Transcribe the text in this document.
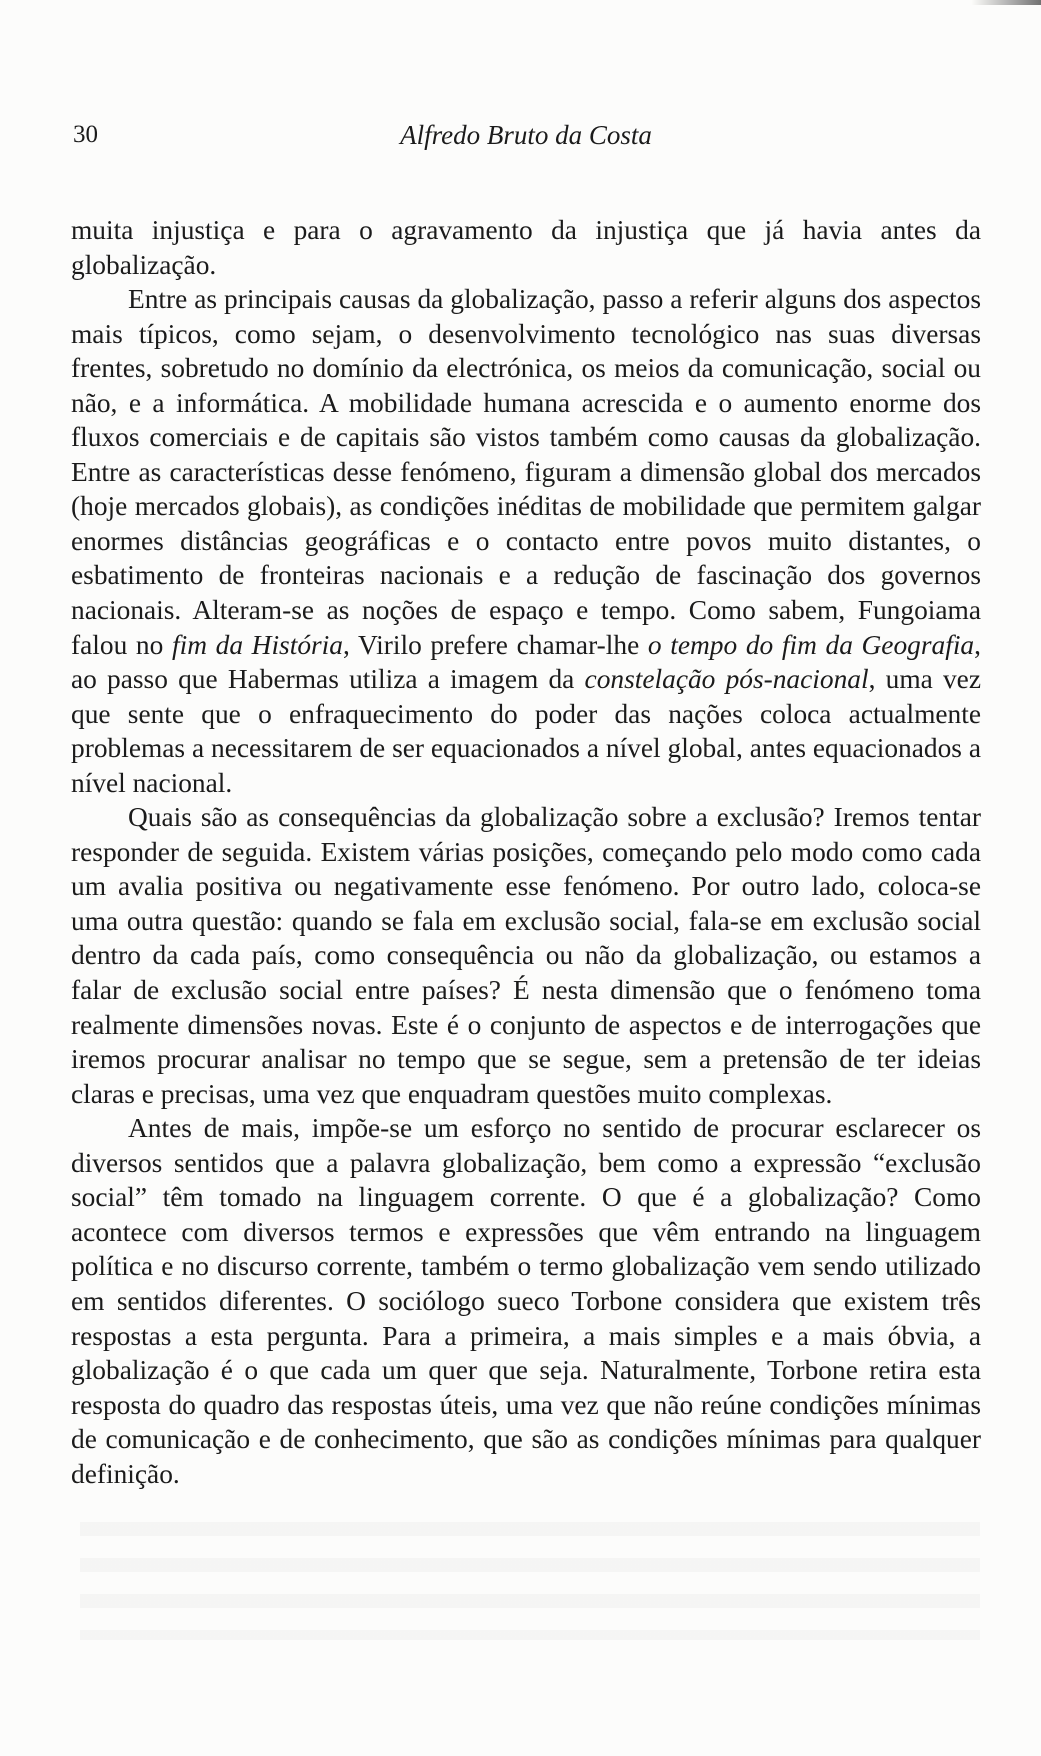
30	Alfredo Bruto da Costa

muita injustiça e para o agravamento da injustiça que já havia antes da globalização.

Entre as principais causas da globalização, passo a referir alguns dos aspectos mais típicos, como sejam, o desenvolvimento tecnológico nas suas diversas frentes, sobretudo no domínio da electrónica, os meios da comunicação, social ou não, e a informática. A mobilidade humana acrescida e o aumento enorme dos fluxos comerciais e de capitais são vistos também como causas da globalização. Entre as características desse fenómeno, figuram a dimensão global dos mercados (hoje mercados globais), as condições inéditas de mobilidade que permitem galgar enormes distâncias geográficas e o contacto entre povos muito distantes, o esbatimento de fronteiras nacionais e a redução de fascinação dos governos nacionais. Alteram-se as noções de espaço e tempo. Como sabem, Fungoiama falou no fim da História, Virilo prefere chamar-lhe o tempo do fim da Geografia, ao passo que Habermas utiliza a imagem da constelação pós-nacional, uma vez que sente que o enfraquecimento do poder das nações coloca actualmente problemas a necessitarem de ser equacionados a nível global, antes equacionados a nível nacional.

Quais são as consequências da globalização sobre a exclusão? Iremos tentar responder de seguida. Existem várias posições, começando pelo modo como cada um avalia positiva ou negativamente esse fenómeno. Por outro lado, coloca-se uma outra questão: quando se fala em exclusão social, fala-se em exclusão social dentro da cada país, como consequência ou não da globalização, ou estamos a falar de exclusão social entre países? É nesta dimensão que o fenómeno toma realmente dimensões novas. Este é o conjunto de aspectos e de interrogações que iremos procurar analisar no tempo que se segue, sem a pretensão de ter ideias claras e precisas, uma vez que enquadram questões muito complexas.

Antes de mais, impõe-se um esforço no sentido de procurar esclarecer os diversos sentidos que a palavra globalização, bem como a expressão “exclusão social” têm tomado na linguagem corrente. O que é a globalização? Como acontece com diversos termos e expressões que vêm entrando na linguagem política e no discurso corrente, também o termo globalização vem sendo utilizado em sentidos diferentes. O sociólogo sueco Torbone considera que existem três respostas a esta pergunta. Para a primeira, a mais simples e a mais óbvia, a globalização é o que cada um quer que seja. Naturalmente, Torbone retira esta resposta do quadro das respostas úteis, uma vez que não reúne condições mínimas de comunicação e de conhecimento, que são as condições mínimas para qualquer definição.
